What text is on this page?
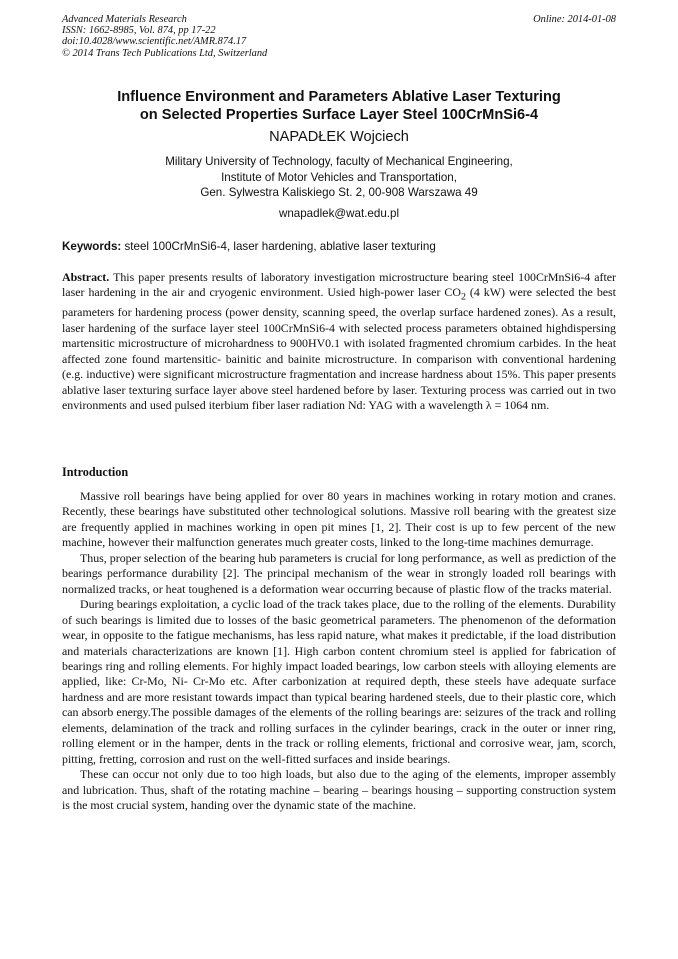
Advanced Materials Research
ISSN: 1662-8985, Vol. 874, pp 17-22
doi:10.4028/www.scientific.net/AMR.874.17
© 2014 Trans Tech Publications Ltd, Switzerland
Online: 2014-01-08
Influence Environment and Parameters Ablative Laser Texturing
on Selected Properties Surface Layer Steel 100CrMnSi6-4
NAPADŁEK Wojciech
Military University of Technology, faculty of Mechanical Engineering,
Institute of Motor Vehicles and Transportation,
Gen. Sylwestra Kaliskiego St. 2, 00-908 Warszawa 49
wnapadlek@wat.edu.pl
Keywords: steel 100CrMnSi6-4, laser hardening, ablative laser texturing
Abstract. This paper presents results of laboratory investigation microstructure bearing steel 100CrMnSi6-4 after laser hardening in the air and cryogenic environment. Usied high-power laser $CO_2$ (4 kW) were selected the best parameters for hardening process (power density, scanning speed, the overlap surface hardened zones). As a result, laser hardening of the surface layer steel 100CrMnSi6-4 with selected process parameters obtained highdispersing martensitic microstructure of microhardness to 900HV0.1 with isolated fragmented chromium carbides. In the heat affected zone found martensitic- bainitic and bainite microstructure. In comparison with conventional hardening (e.g. inductive) were significant microstructure fragmentation and increase hardness about 15%. This paper presents ablative laser texturing surface layer above steel hardened before by laser. Texturing process was carried out in two environments and used pulsed iterbium fiber laser radiation Nd: YAG with a wavelength λ = 1064 nm.
Introduction

Massive roll bearings have being applied for over 80 years in machines working in rotary motion and cranes. Recently, these bearings have substituted other technological solutions. Massive roll bearing with the greatest size are frequently applied in machines working in open pit mines [1, 2]. Their cost is up to few percent of the new machine, however their malfunction generates much greater costs, linked to the long-time machines demurrage.

Thus, proper selection of the bearing hub parameters is crucial for long performance, as well as prediction of the bearings performance durability [2]. The principal mechanism of the wear in strongly loaded roll bearings with normalized tracks, or heat toughened is a deformation wear occurring because of plastic flow of the tracks material.

During bearings exploitation, a cyclic load of the track takes place, due to the rolling of the elements. Durability of such bearings is limited due to losses of the basic geometrical parameters. The phenomenon of the deformation wear, in opposite to the fatigue mechanisms, has less rapid nature, what makes it predictable, if the load distribution and materials characterizations are known [1]. High carbon content chromium steel is applied for fabrication of bearings ring and rolling elements. For highly impact loaded bearings, low carbon steels with alloying elements are applied, like: Cr-Mo, Ni- Cr-Mo etc. After carbonization at required depth, these steels have adequate surface hardness and are more resistant towards impact than typical bearing hardened steels, due to their plastic core, which can absorb energy.The possible damages of the elements of the rolling bearings are: seizures of the track and rolling elements, delamination of the track and rolling surfaces in the cylinder bearings, crack in the outer or inner ring, rolling element or in the hamper, dents in the track or rolling elements, frictional and corrosive wear, jam, scorch, pitting, fretting, corrosion and rust on the well-fitted surfaces and inside bearings.

These can occur not only due to too high loads, but also due to the aging of the elements, improper assembly and lubrication. Thus, shaft of the rotating machine – bearing – bearings housing – supporting construction system is the most crucial system, handing over the dynamic state of the machine.
